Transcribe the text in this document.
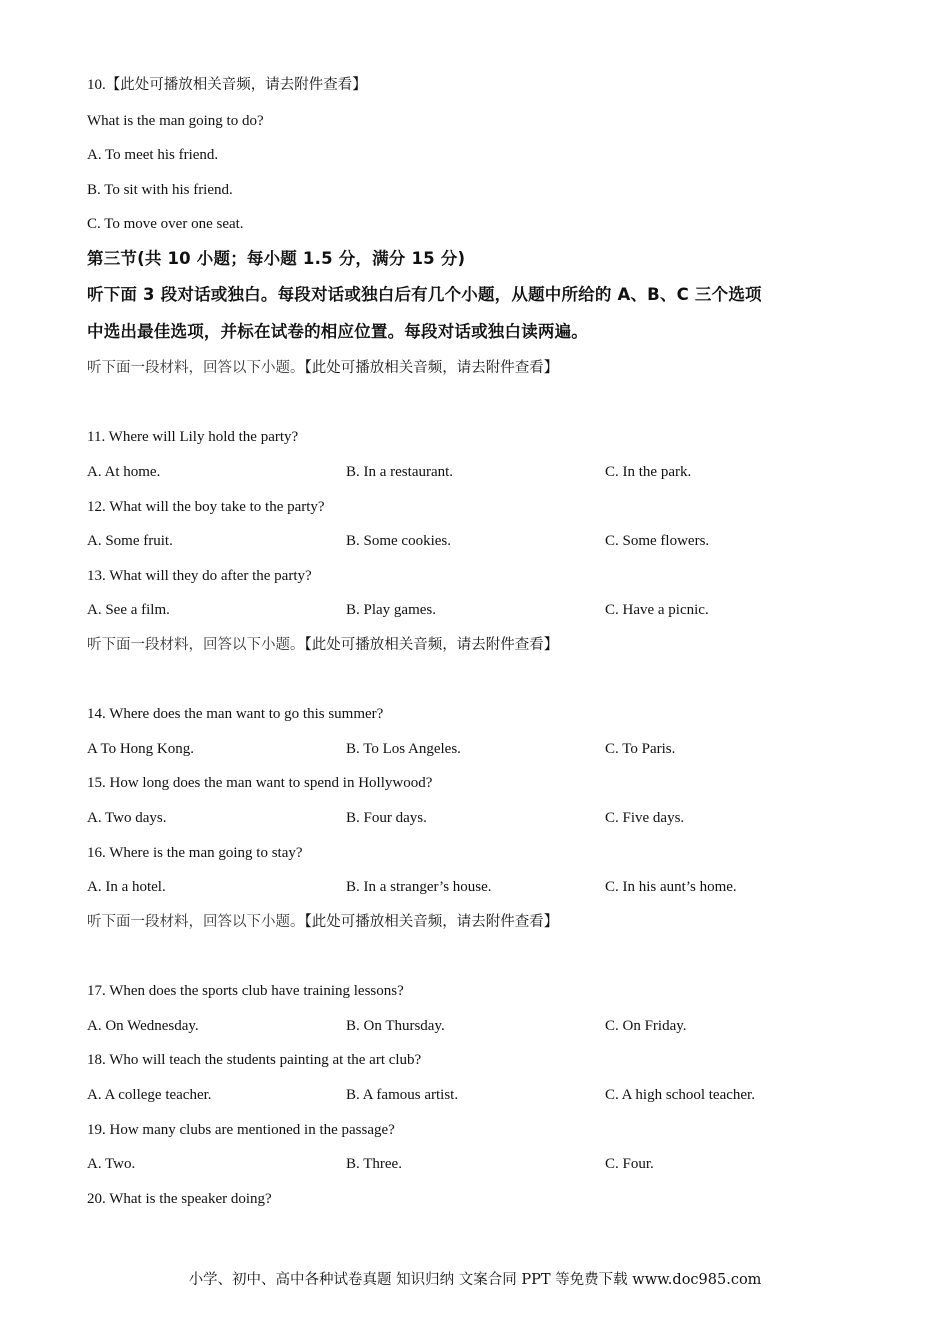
10.【此处可播放相关音频，请去附件查看】
What is the man going to do?
A. To meet his friend.
B. To sit with his friend.
C. To move over one seat.
第三节(共 10 小题；每小题 1.5 分，满分 15 分)
听下面 3 段对话或独白。每段对话或独白后有几个小题，从题中所给的 A、B、C 三个选项
中选出最佳选项，并标在试卷的相应位置。每段对话或独白读两遍。
听下面一段材料，回答以下小题。【此处可播放相关音频，请去附件查看】
11. Where will Lily hold the party?
A. At home.	B. In a restaurant.	C. In the park.
12. What will the boy take to the party?
A. Some fruit.	B. Some cookies.	C. Some flowers.
13. What will they do after the party?
A. See a film.	B. Play games.	C. Have a picnic.
听下面一段材料，回答以下小题。【此处可播放相关音频，请去附件查看】
14. Where does the man want to go this summer?
A To Hong Kong.	B. To Los Angeles.	C. To Paris.
15. How long does the man want to spend in Hollywood?
A. Two days.	B. Four days.	C. Five days.
16. Where is the man going to stay?
A. In a hotel.	B. In a stranger’s house.	C. In his aunt’s home.
听下面一段材料，回答以下小题。【此处可播放相关音频，请去附件查看】
17. When does the sports club have training lessons?
A. On Wednesday.	B. On Thursday.	C. On Friday.
18. Who will teach the students painting at the art club?
A. A college teacher.	B. A famous artist.	C. A high school teacher.
19. How many clubs are mentioned in the passage?
A. Two.	B. Three.	C. Four.
20. What is the speaker doing?
小学、初中、高中各种试卷真题 知识归纳 文案合同 PPT 等免费下载 www.doc985.com
